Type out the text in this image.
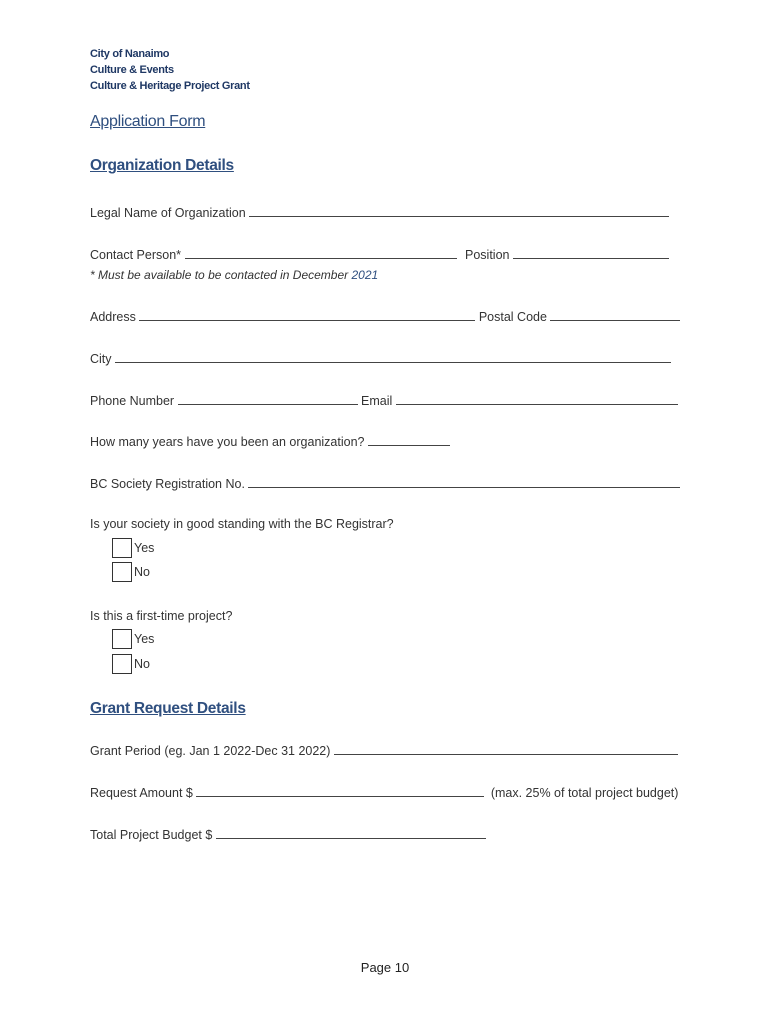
City of Nanaimo
Culture & Events
Culture & Heritage Project Grant
Application Form
Organization Details
Legal Name of Organization
Contact Person*	Position
* Must be available to be contacted in December 2021
Address	Postal Code
City
Phone Number	Email
How many years have you been an organization?
BC Society Registration No.
Is your society in good standing with the BC Registrar?
Yes
No
Is this a first-time project?
Yes
No
Grant Request Details
Grant Period (eg. Jan 1 2022-Dec 31 2022)
Request Amount $	(max. 25% of total project budget)
Total Project Budget $
Page 10
